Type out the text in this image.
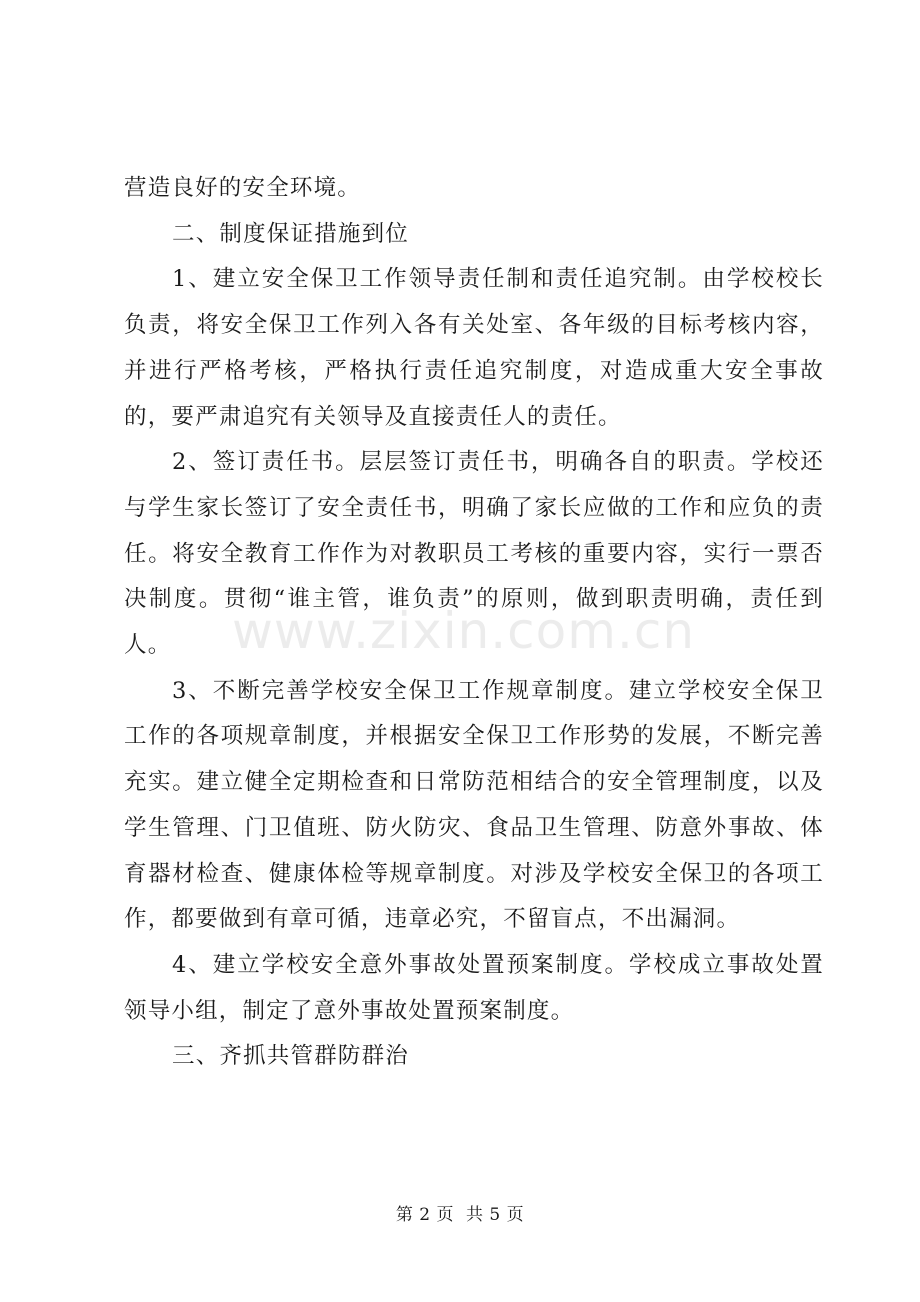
营造良好的安全环境。

二、制度保证措施到位

1、建立安全保卫工作领导责任制和责任追究制。由学校校长负责，将安全保卫工作列入各有关处室、各年级的目标考核内容，并进行严格考核，严格执行责任追究制度，对造成重大安全事故的，要严肃追究有关领导及直接责任人的责任。

2、签订责任书。层层签订责任书，明确各自的职责。学校还与学生家长签订了安全责任书，明确了家长应做的工作和应负的责任。将安全教育工作作为对教职员工考核的重要内容，实行一票否决制度。贯彻“谁主管，谁负责”的原则，做到职责明确，责任到人。

3、不断完善学校安全保卫工作规章制度。建立学校安全保卫工作的各项规章制度，并根据安全保卫工作形势的发展，不断完善充实。建立健全定期检查和日常防范相结合的安全管理制度，以及学生管理、门卫值班、防火防灾、食品卫生管理、防意外事故、体育器材检查、健康体检等规章制度。对涉及学校安全保卫的各项工作，都要做到有章可循，违章必究，不留盲点，不出漏洞。

4、建立学校安全意外事故处置预案制度。学校成立事故处置领导小组，制定了意外事故处置预案制度。

三、齐抓共管群防群治

www.zixin.com.cn
第 2 页 共 5 页
